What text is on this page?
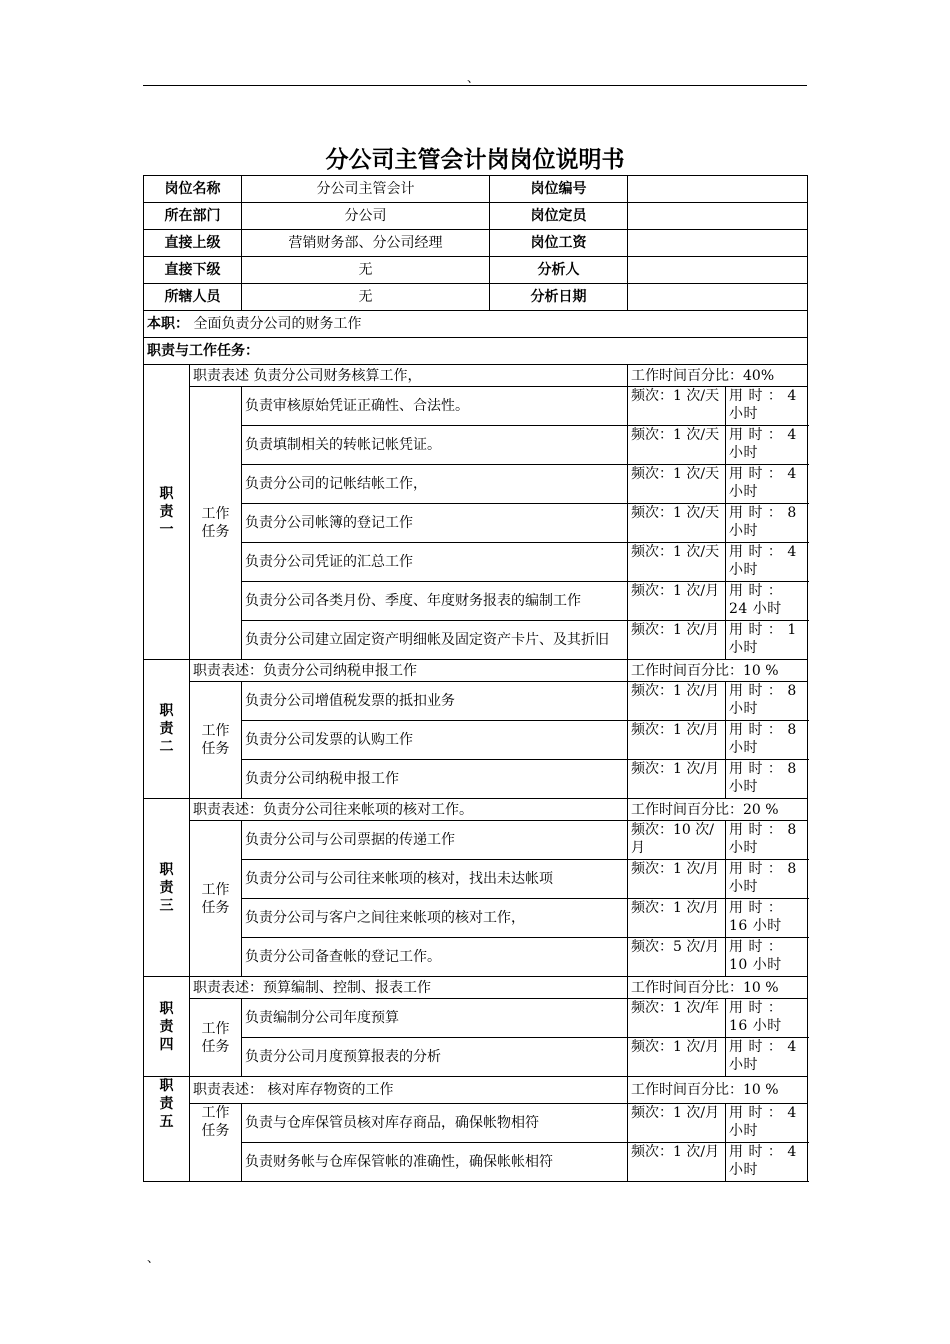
、
分公司主管会计岗岗位说明书
岗位名称		分公司主管会计	岗位编号		
所在部门		分公司	岗位定员		
直接上级		营销财务部、分公司经理	岗位工资		
直接下级		无	分析人		
所辖人员		无	分析日期		
本职： 全面负责分公司的财务工作					
职责与工作任务：					

职
责
一	职责表述 负责分公司财务核算工作，			工作时间百分比：40%	

	工作
任务	负责审核原始凭证正确性、合法性。		频次：1 次/天	用 时 ： 4 小时
		负责填制相关的转帐记帐凭证。		频次：1 次/天	用 时 ： 4 小时
		负责分公司的记帐结帐工作，		频次：1 次/天	用 时 ： 4 小时
		负责分公司帐簿的登记工作		频次：1 次/天	用 时 ： 8 小时
		负责分公司凭证的汇总工作		频次：1 次/天	用 时 ： 4 小时
		负责分公司各类月份、季度、年度财务报表的编制工作		频次：1 次/月	用 时 ： 24 小时
		负责分公司建立固定资产明细帐及固定资产卡片、及其折旧		频次：1 次/月	用 时 ： 1 小时

职
责
二	职责表述：负责分公司纳税申报工作			工作时间百分比：10 %	

	工作
任务	负责分公司增值税发票的抵扣业务		频次：1 次/月	用 时 ： 8 小时
		负责分公司发票的认购工作		频次：1 次/月	用 时 ： 8 小时
		负责分公司纳税申报工作		频次：1 次/月	用 时 ： 8 小时

职
责
三	职责表述：负责分公司往来帐项的核对工作。			工作时间百分比：20 %	

	工作
任务	负责分公司与公司票据的传递工作		频次：10 次/月	用 时 ： 8 小时
		负责分公司与公司往来帐项的核对，找出未达帐项		频次：1 次/月	用 时 ： 8 小时
		负责分公司与客户之间往来帐项的核对工作，		频次：1 次/月	用 时 ： 16 小时
		负责分公司备查帐的登记工作。		频次：5 次/月	用 时 ： 10 小时

职
责
四	职责表述：预算编制、控制、报表工作			工作时间百分比：10 %	

	工作
任务	负责编制分公司年度预算		频次：1 次/年	用 时 ： 16 小时
		负责分公司月度预算报表的分析		频次：1 次/月	用 时 ： 4 小时

职
责
五	职责表述： 核对库存物资的工作			工作时间百分比：10 %	

	工作
任务	负责与仓库保管员核对库存商品，确保帐物相符		频次：1 次/月	用 时 ： 4 小时
		负责财务帐与仓库保管帐的准确性，确保帐帐相符		频次：1 次/月	用 时 ： 4 小时
、
